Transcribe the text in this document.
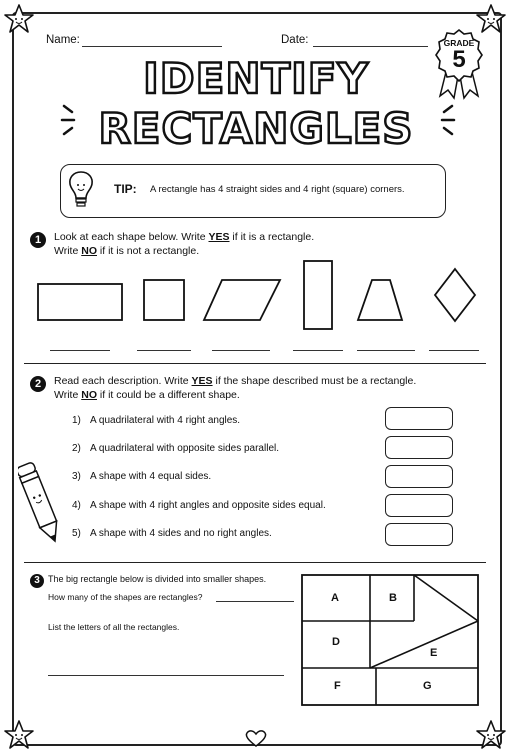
Name:	Date:	GRADE
5
IDENTIFY
RECTANGLES
TIP: A rectangle has 4 straight sides and 4 right (square) corners.
1	Look at each shape below. Write YES if it is a rectangle.
Write NO if it is not a rectangle.
2	Read each description. Write YES if the shape described must be a rectangle.
Write NO if it could be a different shape.
1) A quadrilateral with 4 right angles.
2) A quadrilateral with opposite sides parallel.
3) A shape with 4 equal sides.
4) A shape with 4 right angles and opposite sides equal.
5) A shape with 4 sides and no right angles.
3 The big rectangle below is divided into smaller shapes.
How many of the shapes are rectangles?
List the letters of all the rectangles.
A	B
D
E
F	G
